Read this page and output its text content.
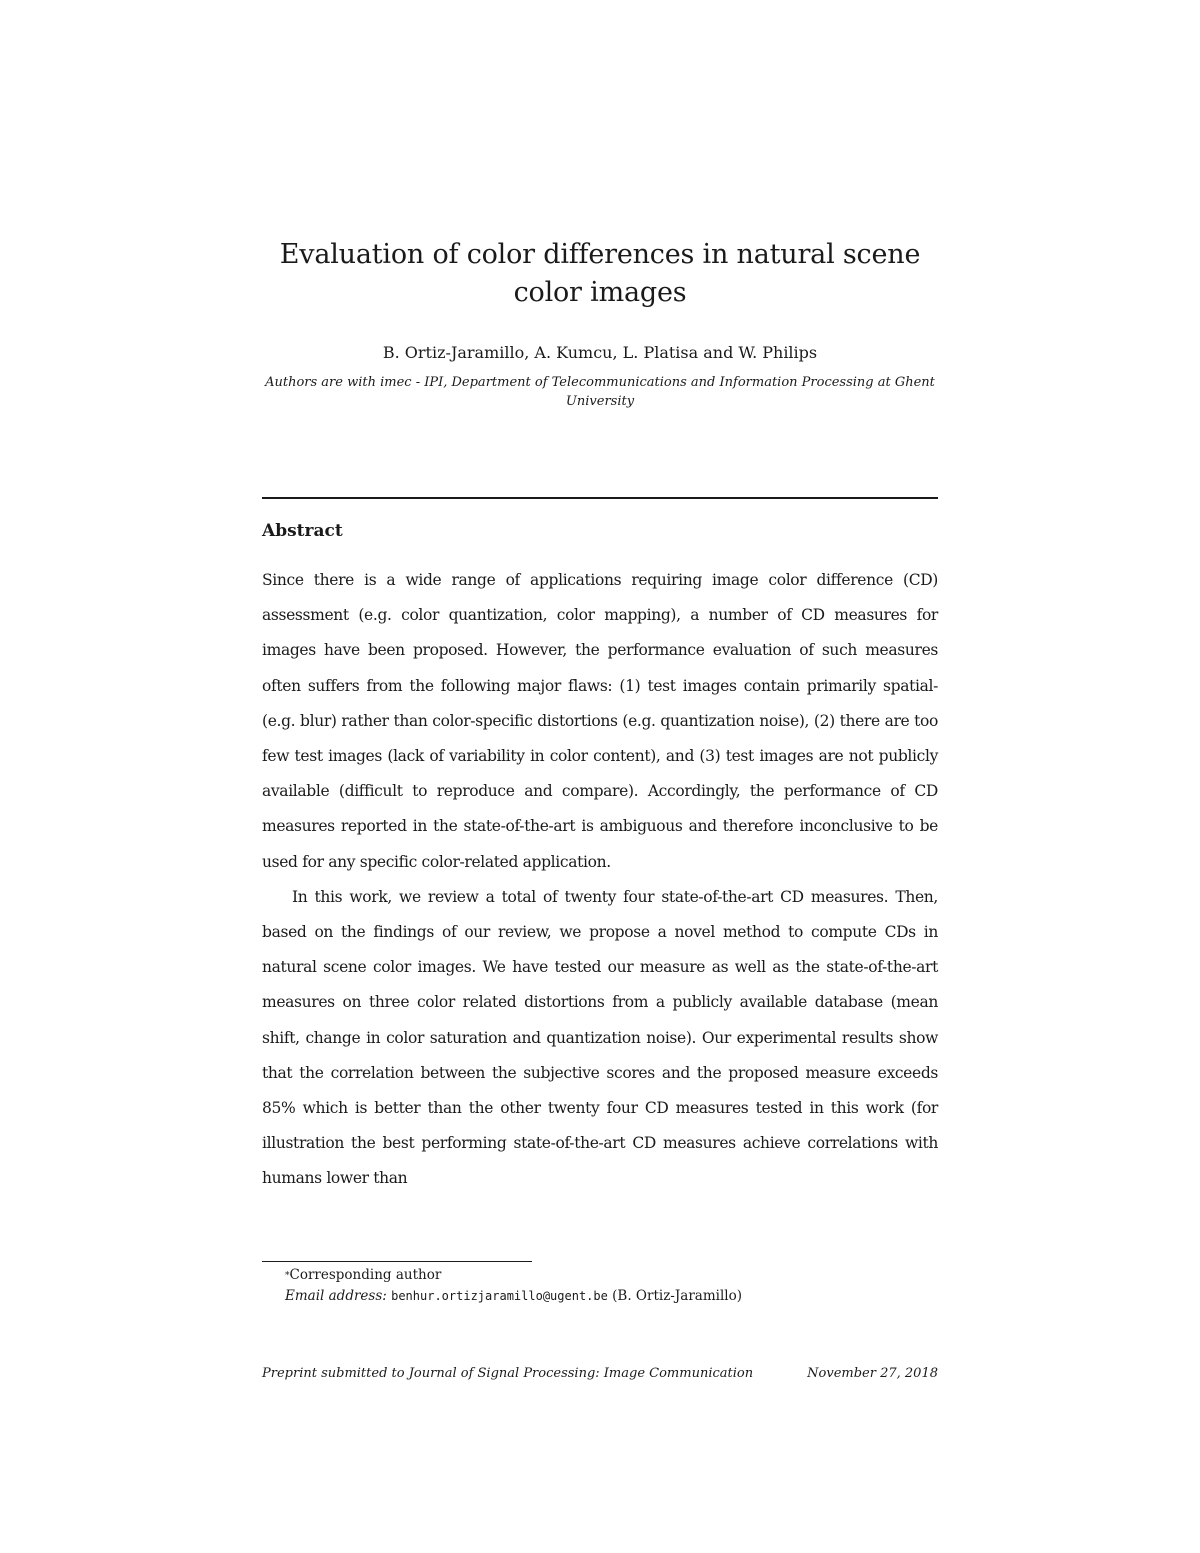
Evaluation of color differences in natural scene color images
B. Ortiz-Jaramillo, A. Kumcu, L. Platisa and W. Philips
Authors are with imec - IPI, Department of Telecommunications and Information Processing at Ghent University
Abstract

Since there is a wide range of applications requiring image color difference (CD) assessment (e.g. color quantization, color mapping), a number of CD measures for images have been proposed. However, the performance evaluation of such measures often suffers from the following major flaws: (1) test images contain primarily spatial- (e.g. blur) rather than color-specific distortions (e.g. quantization noise), (2) there are too few test images (lack of variability in color content), and (3) test images are not publicly available (difficult to reproduce and compare). Accordingly, the performance of CD measures reported in the state-of-the-art is ambiguous and therefore inconclusive to be used for any specific color-related application.

In this work, we review a total of twenty four state-of-the-art CD measures. Then, based on the findings of our review, we propose a novel method to compute CDs in natural scene color images. We have tested our measure as well as the state-of-the-art measures on three color related distortions from a publicly available database (mean shift, change in color saturation and quantization noise). Our experimental results show that the correlation between the subjective scores and the proposed measure exceeds 85% which is better than the other twenty four CD measures tested in this work (for illustration the best performing state-of-the-art CD measures achieve correlations with humans lower than

*Corresponding author
Email address: benhur.ortizjaramillo@ugent.be (B. Ortiz-Jaramillo)
Preprint submitted to Journal of Signal Processing: Image Communication	November 27, 2018
